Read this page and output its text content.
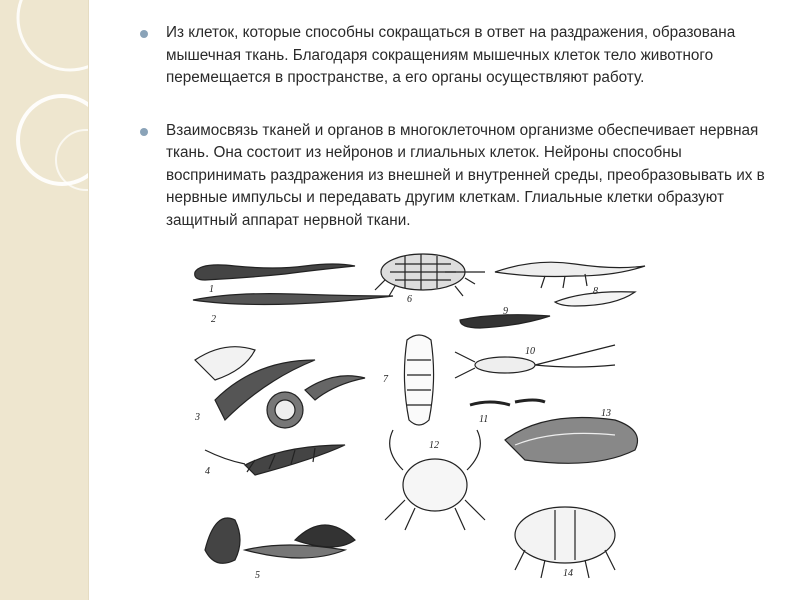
Из клеток, которые способны сокращаться в ответ на раздражения, образована мышечная ткань. Благодаря сокращениям мышечных клеток тело животного перемещается в пространстве, а его органы осуществляют работу.
Взаимосвязь тканей и органов в многоклеточном организме обеспечивает нервная ткань. Она состоит из нейронов и глиальных клеток. Нейроны способны воспринимать раздражения из внешней и внутренней среды, преобразовывать их в нервные импульсы и передавать другим клеткам. Глиальные клетки образуют защитный аппарат нервной ткани.
1
2
3
4
5
6
7
8
9
10
11
12
13
14
